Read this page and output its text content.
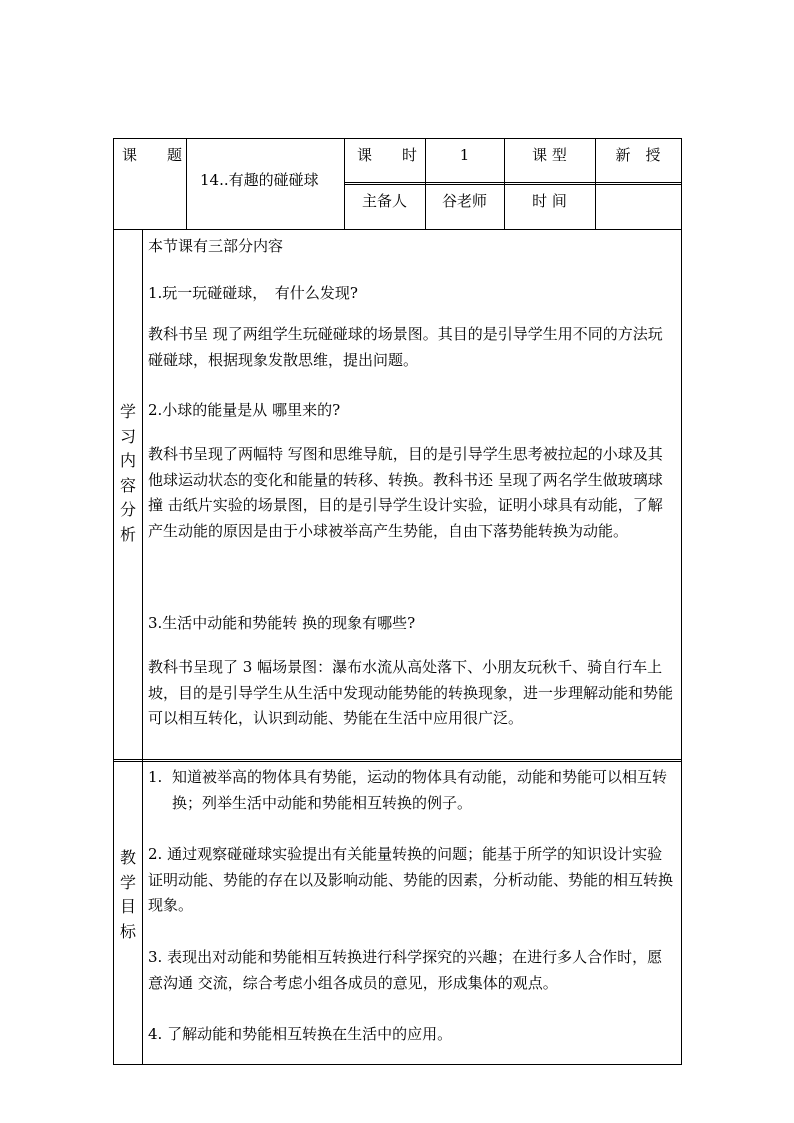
课　　题
14..有趣的碰碰球
课　　时	1	课 型	新　授
主备人	谷老师	时 间
学习内容分析
本节课有三部分内容
1.玩一玩碰碰球，　有什么发现?
教科书呈 现了两组学生玩碰碰球的场景图。其目的是引导学生用不同的方法玩碰碰球，根据现象发散思维，提出问题。
2.小球的能量是从 哪里来的?
教科书呈现了两幅特 写图和思维导航，目的是引导学生思考被拉起的小球及其他球运动状态的变化和能量的转移、转换。教科书还 呈现了两名学生做玻璃球撞 击纸片实验的场景图，目的是引导学生设计实验，证明小球具有动能，了解产生动能的原因是由于小球被举高产生势能，自由下落势能转换为动能。
3.生活中动能和势能转 换的现象有哪些?
教科书呈现了 3 幅场景图：瀑布水流从高处落下、小朋友玩秋千、骑自行车上坡，目的是引导学生从生活中发现动能势能的转换现象，进一步理解动能和势能可以相互转化，认识到动能、势能在生活中应用很广泛。
教学目标
1. 知道被举高的物体具有势能，运动的物体具有动能，动能和势能可以相互转换；列举生活中动能和势能相互转换的例子。
2. 通过观察碰碰球实验提出有关能量转换的问题；能基于所学的知识设计实验证明动能、势能的存在以及影响动能、势能的因素，分析动能、势能的相互转换现象。
3. 表现出对动能和势能相互转换进行科学探究的兴趣；在进行多人合作时，愿意沟通 交流，综合考虑小组各成员的意见，形成集体的观点。
4. 了解动能和势能相互转换在生活中的应用。
